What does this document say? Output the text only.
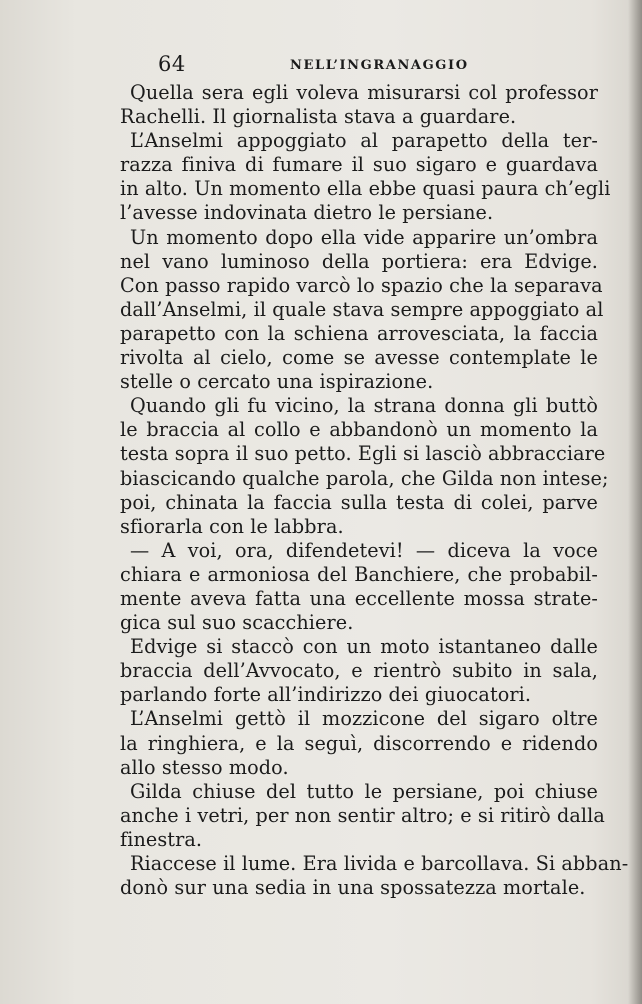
64	NELL’INGRANAGGIO
Quella sera egli voleva misurarsi col professor
Rachelli. Il giornalista stava a guardare.
L’Anselmi appoggiato al parapetto della ter-
razza finiva di fumare il suo sigaro e guardava
in alto. Un momento ella ebbe quasi paura ch’egli
l’avesse indovinata dietro le persiane.
Un momento dopo ella vide apparire un’ombra
nel vano luminoso della portiera: era Edvige.
Con passo rapido varcò lo spazio che la separava
dall’Anselmi, il quale stava sempre appoggiato al
parapetto con la schiena arrovesciata, la faccia
rivolta al cielo, come se avesse contemplate le
stelle o cercato una ispirazione.
Quando gli fu vicino, la strana donna gli buttò
le braccia al collo e abbandonò un momento la
testa sopra il suo petto. Egli si lasciò abbracciare
biascicando qualche parola, che Gilda non intese;
poi, chinata la faccia sulla testa di colei, parve
sfiorarla con le labbra.
— A voi, ora, difendetevi! — diceva la voce
chiara e armoniosa del Banchiere, che probabil-
mente aveva fatta una eccellente mossa strate-
gica sul suo scacchiere.
Edvige si staccò con un moto istantaneo dalle
braccia dell’Avvocato, e rientrò subito in sala,
parlando forte all’indirizzo dei giuocatori.
L’Anselmi gettò il mozzicone del sigaro oltre
la ringhiera, e la seguì, discorrendo e ridendo
allo stesso modo.
Gilda chiuse del tutto le persiane, poi chiuse
anche i vetri, per non sentir altro; e si ritirò dalla
finestra.
Riaccese il lume. Era livida e barcollava. Si abban-
donò sur una sedia in una spossatezza mortale.
